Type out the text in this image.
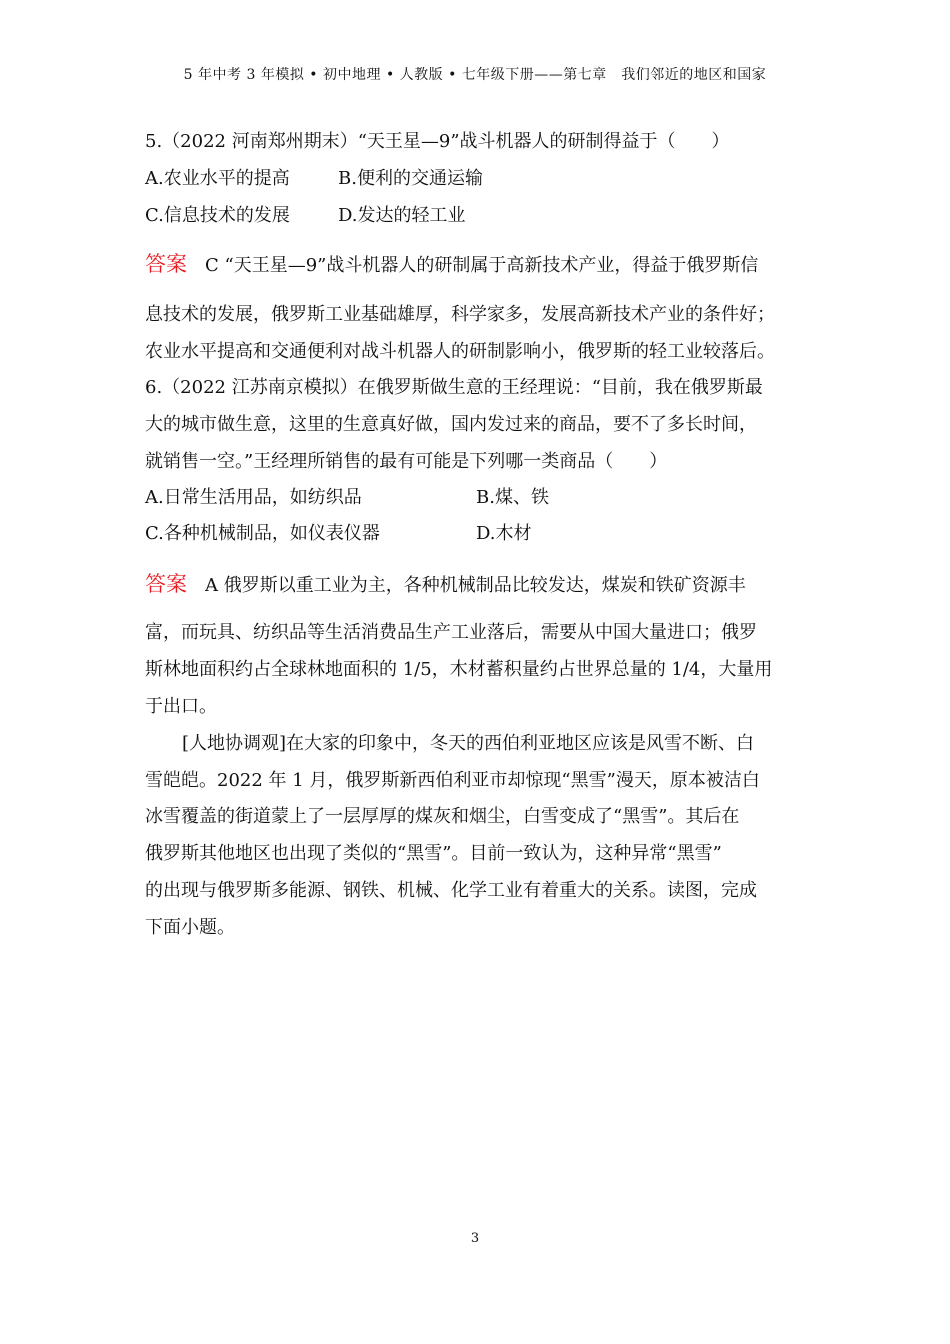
5 年中考 3 年模拟 • 初中地理 • 人教版 • 七年级下册——第七章　我们邻近的地区和国家
5.（2022 河南郑州期末）“天王星—9”战斗机器人的研制得益于（　　）
A.农业水平的提高	B.便利的交通运输
C.信息技术的发展	D.发达的轻工业
答案 C “天王星—9”战斗机器人的研制属于高新技术产业，得益于俄罗斯信
息技术的发展，俄罗斯工业基础雄厚，科学家多，发展高新技术产业的条件好；
农业水平提高和交通便利对战斗机器人的研制影响小，俄罗斯的轻工业较落后。
6.（2022 江苏南京模拟）在俄罗斯做生意的王经理说：“目前，我在俄罗斯最
大的城市做生意，这里的生意真好做，国内发过来的商品，要不了多长时间，
就销售一空。”王经理所销售的最有可能是下列哪一类商品（　　）
A.日常生活用品，如纺织品	B.煤、铁
C.各种机械制品，如仪表仪器	D.木材
答案 A 俄罗斯以重工业为主，各种机械制品比较发达，煤炭和铁矿资源丰
富，而玩具、纺织品等生活消费品生产工业落后，需要从中国大量进口；俄罗
斯林地面积约占全球林地面积的 1/5，木材蓄积量约占世界总量的 1/4，大量用
于出口。
[人地协调观]在大家的印象中，冬天的西伯利亚地区应该是风雪不断、白
雪皑皑。2022 年 1 月，俄罗斯新西伯利亚市却惊现“黑雪”漫天，原本被洁白
冰雪覆盖的街道蒙上了一层厚厚的煤灰和烟尘，白雪变成了“黑雪”。其后在
俄罗斯其他地区也出现了类似的“黑雪”。目前一致认为，这种异常“黑雪”
的出现与俄罗斯多能源、钢铁、机械、化学工业有着重大的关系。读图，完成
下面小题。
3
